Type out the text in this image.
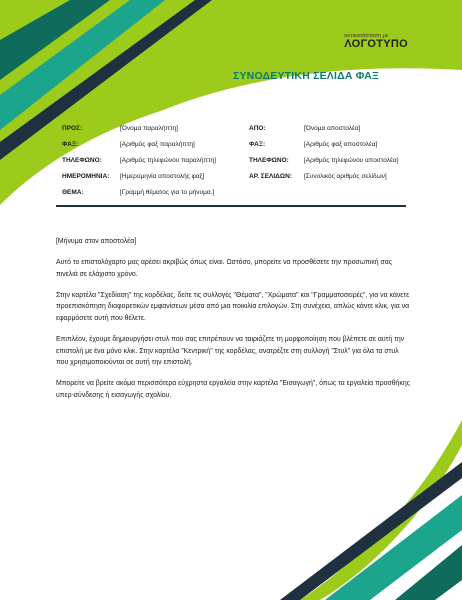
αντικατάσταση με
ΛΟΓΟΤΥΠΟ
ΣΥΝΟΔΕΥΤΙΚΗ ΣΕΛΙΔΑ ΦΑΞ
ΠΡΟΣ:	[Όνομα παραλήπτη]	ΑΠΟ:	[Όνομα αποστολέα]
ΦΑΞ:	[Αριθμός φαξ παραλήπτη]	ΦΑΞ:	[Αριθμός φαξ αποστολέα]
ΤΗΛΕΦΩΝΟ:	[Αριθμός τηλεφώνου παραλήπτη]	ΤΗΛΕΦΩΝΟ: [Αριθμός τηλεφώνου αποστολέα]
ΗΜΕΡΟΜΗΝΙΑ: [Ημερομηνία αποστολής φαξ]	ΑΡ. ΣΕΛΙΔΩΝ: [Συνολικός αριθμός σελίδων]
ΘΕΜΑ:	[Γραμμή θέματος για το μήνυμα.]

[Μήνυμα στον αποστολέα]

Αυτό το επιστολόχαρτο μας αρέσει ακριβώς όπως είναι. Ωστόσο, μπορείτε να προσθέσετε την προσωπική σας πινελιά σε ελάχιστο χρόνο.

Στην καρτέλα "Σχεδίαση" της κορδέλας, δείτε τις συλλογές "Θέματα", "Χρώματα" και "Γραμματοσειρές", για να κάνετε προεπισκόπηση διαφορετικών εμφανίσεων μέσα από μια ποικιλία επιλογών. Στη συνέχεια, απλώς κάντε κλικ, για να εφαρμόσετε αυτή που θέλετε.

Επιπλέον, έχουμε δημιουργήσει στυλ που σας επιτρέπουν να ταιριάζετε τη μορφοποίηση που βλέπετε σε αυτή την επιστολή με ένα μόνο κλικ. Στην καρτέλα "Κεντρική" της κορδέλας, ανατρέξτε στη συλλογή "Στυλ" για όλα τα στυλ που χρησιμοποιούνται σε αυτή την επιστολή.

Μπορείτε να βρείτε ακόμα περισσότερα εύχρηστα εργαλεία στην καρτέλα "Εισαγωγή", όπως τα εργαλεία προσθήκης υπερ-σύνδεσης ή εισαγωγής σχολίου.
